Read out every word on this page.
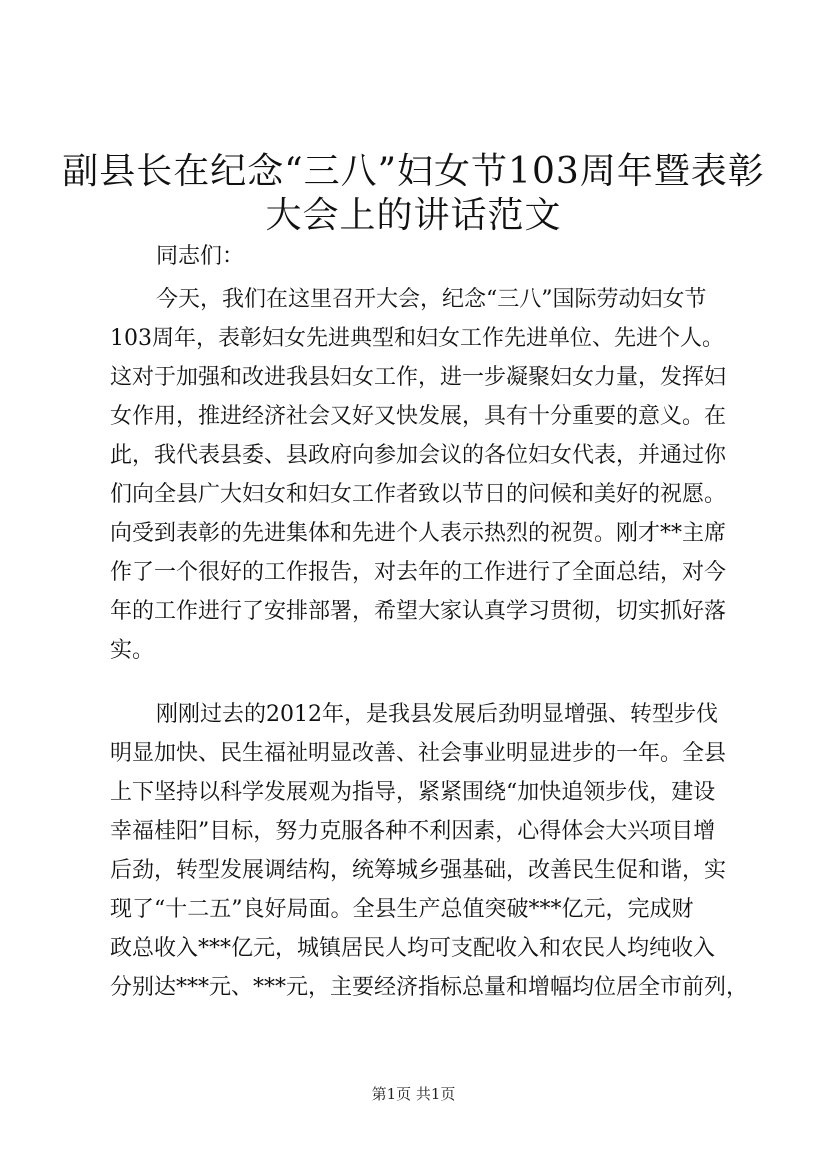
副县长在纪念“三八”妇女节103周年暨表彰
大会上的讲话范文
同志们：
今天，我们在这里召开大会，纪念“三八”国际劳动妇女节
103周年，表彰妇女先进典型和妇女工作先进单位、先进个人。
这对于加强和改进我县妇女工作，进一步凝聚妇女力量，发挥妇
女作用，推进经济社会又好又快发展，具有十分重要的意义。在
此，我代表县委、县政府向参加会议的各位妇女代表，并通过你
们向全县广大妇女和妇女工作者致以节日的问候和美好的祝愿。
向受到表彰的先进集体和先进个人表示热烈的祝贺。刚才**主席
作了一个很好的工作报告，对去年的工作进行了全面总结，对今
年的工作进行了安排部署，希望大家认真学习贯彻，切实抓好落
实。
刚刚过去的2012年，是我县发展后劲明显增强、转型步伐
明显加快、民生福祉明显改善、社会事业明显进步的一年。全县
上下坚持以科学发展观为指导，紧紧围绕“加快追领步伐，建设
幸福桂阳”目标，努力克服各种不利因素，心得体会大兴项目增
后劲，转型发展调结构，统筹城乡强基础，改善民生促和谐，实
现了“十二五”良好局面。全县生产总值突破***亿元，完成财
政总收入***亿元，城镇居民人均可支配收入和农民人均纯收入
分别达***元、***元，主要经济指标总量和增幅均位居全市前列，
第1页 共1页
